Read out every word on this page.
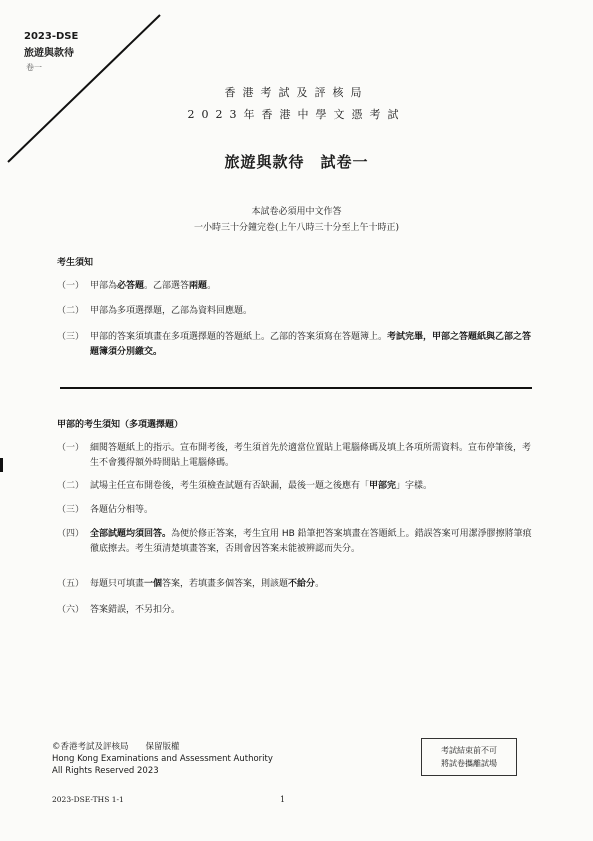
2023-DSE
旅遊與款待
卷一
香港考試及評核局
2023年香港中學文憑考試
旅遊與款待　試卷一
本試卷必須用中文作答
一小時三十分鐘完卷(上午八時三十分至上午十時正)
考生須知
（一） 甲部為必答題。乙部選答兩題。
（二） 甲部為多項選擇題，乙部為資料回應題。
（三） 甲部的答案須填畫在多項選擇題的答題紙上。乙部的答案須寫在答題簿上。考試完畢，甲部之答題紙與乙部之答題簿須分別繳交。
甲部的考生須知（多項選擇題）
（一） 細閱答題紙上的指示。宣布開考後，考生須首先於適當位置貼上電腦條碼及填上各項所需資料。宣布停筆後，考生不會獲得額外時間貼上電腦條碼。
（二） 試場主任宣布開卷後，考生須檢查試題有否缺漏，最後一題之後應有「甲部完」字樣。
（三） 各題佔分相等。
（四） 全部試題均須回答。為便於修正答案，考生宜用 HB 鉛筆把答案填畫在答題紙上。錯誤答案可用潔淨膠擦將筆痕徹底擦去。考生須清楚填畫答案，否則會因答案未能被辨認而失分。
（五） 每題只可填畫一個答案，若填畫多個答案，則該題不給分。
（六） 答案錯誤，不另扣分。
©香港考試及評核局　　保留版權
Hong Kong Examinations and Assessment Authority
All Rights Reserved 2023
考試結束前不可
將試卷攜離試場
2023-DSE-THS 1-1	1
